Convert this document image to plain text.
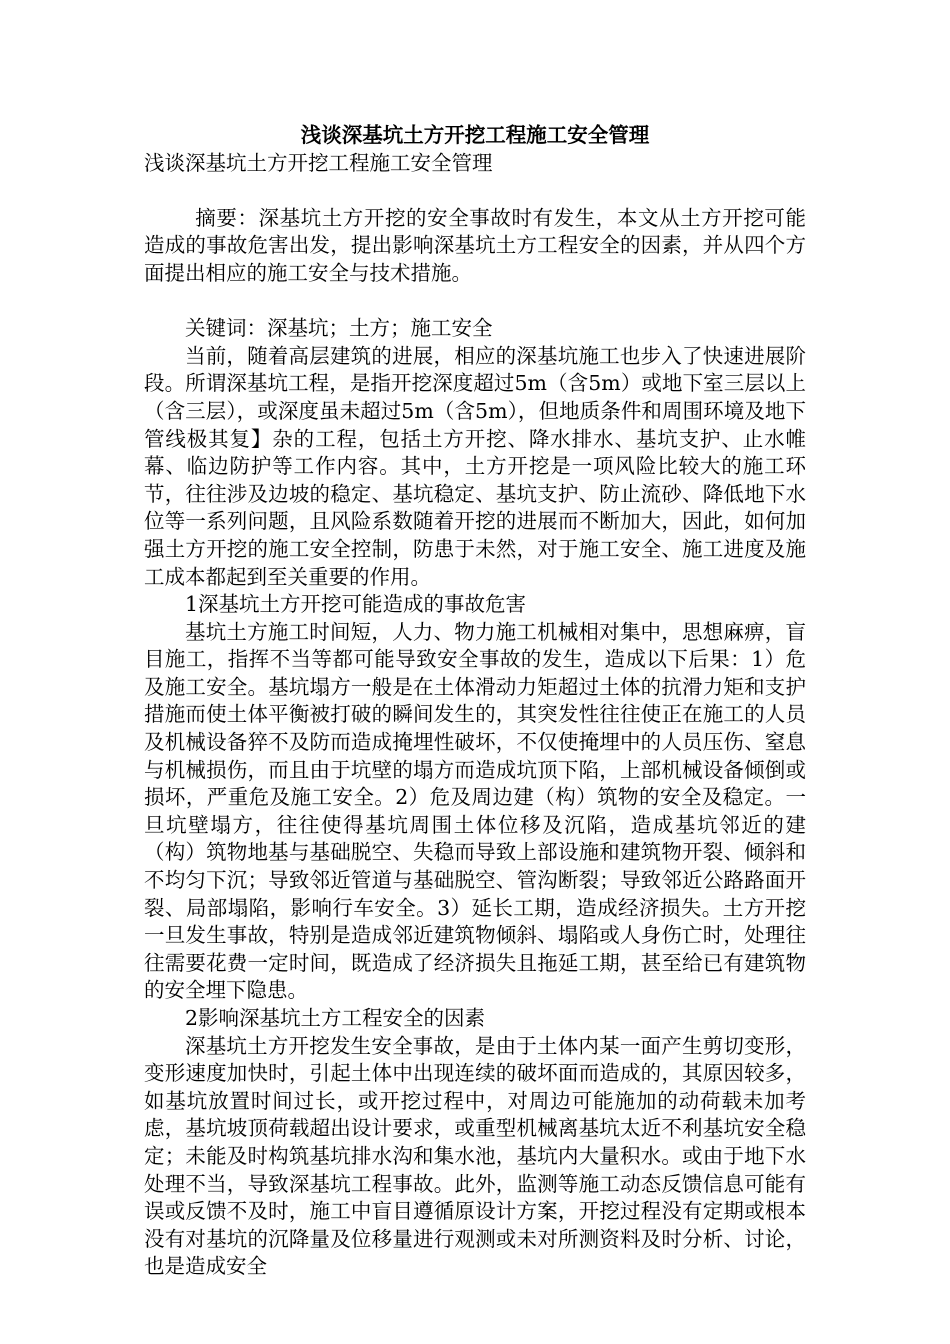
浅谈深基坑土方开挖工程施工安全管理
浅谈深基坑土方开挖工程施工安全管理

摘要：深基坑土方开挖的安全事故时有发生，本文从土方开挖可能造成的事故危害出发，提出影响深基坑土方工程安全的因素，并从四个方面提出相应的施工安全与技术措施。

关键词：深基坑；土方；施工安全

当前，随着高层建筑的进展，相应的深基坑施工也步入了快速进展阶段。所谓深基坑工程，是指开挖深度超过5m（含5m）或地下室三层以上（含三层），或深度虽未超过5m（含5m），但地质条件和周围环境及地下管线极其复】杂的工程，包括土方开挖、降水排水、基坑支护、止水帷幕、临边防护等工作内容。其中，土方开挖是一项风险比较大的施工环节，往往涉及边坡的稳定、基坑稳定、基坑支护、防止流砂、降低地下水位等一系列问题，且风险系数随着开挖的进展而不断加大，因此，如何加强土方开挖的施工安全控制，防患于未然，对于施工安全、施工进度及施工成本都起到至关重要的作用。

1深基坑土方开挖可能造成的事故危害

基坑土方施工时间短，人力、物力施工机械相对集中，思想麻痹，盲目施工，指挥不当等都可能导致安全事故的发生，造成以下后果：1）危及施工安全。基坑塌方一般是在土体滑动力矩超过土体的抗滑力矩和支护措施而使土体平衡被打破的瞬间发生的，其突发性往往使正在施工的人员及机械设备猝不及防而造成掩埋性破坏，不仅使掩埋中的人员压伤、窒息与机械损伤，而且由于坑壁的塌方而造成坑顶下陷，上部机械设备倾倒或损坏，严重危及施工安全。2）危及周边建（构）筑物的安全及稳定。一旦坑壁塌方，往往使得基坑周围土体位移及沉陷，造成基坑邻近的建（构）筑物地基与基础脱空、失稳而导致上部设施和建筑物开裂、倾斜和不均匀下沉；导致邻近管道与基础脱空、管沟断裂；导致邻近公路路面开裂、局部塌陷，影响行车安全。3）延长工期，造成经济损失。土方开挖一旦发生事故，特别是造成邻近建筑物倾斜、塌陷或人身伤亡时，处理往往需要花费一定时间，既造成了经济损失且拖延工期，甚至给已有建筑物的安全埋下隐患。

2影响深基坑土方工程安全的因素

深基坑土方开挖发生安全事故，是由于土体内某一面产生剪切变形，变形速度加快时，引起土体中出现连续的破坏面而造成的，其原因较多，如基坑放置时间过长，或开挖过程中，对周边可能施加的动荷载未加考虑，基坑坡顶荷载超出设计要求，或重型机械离基坑太近不利基坑安全稳定；未能及时构筑基坑排水沟和集水池，基坑内大量积水。或由于地下水处理不当，导致深基坑工程事故。此外，监测等施工动态反馈信息可能有误或反馈不及时，施工中盲目遵循原设计方案，开挖过程没有定期或根本没有对基坑的沉降量及位移量进行观测或未对所测资料及时分析、讨论，也是造成安全
